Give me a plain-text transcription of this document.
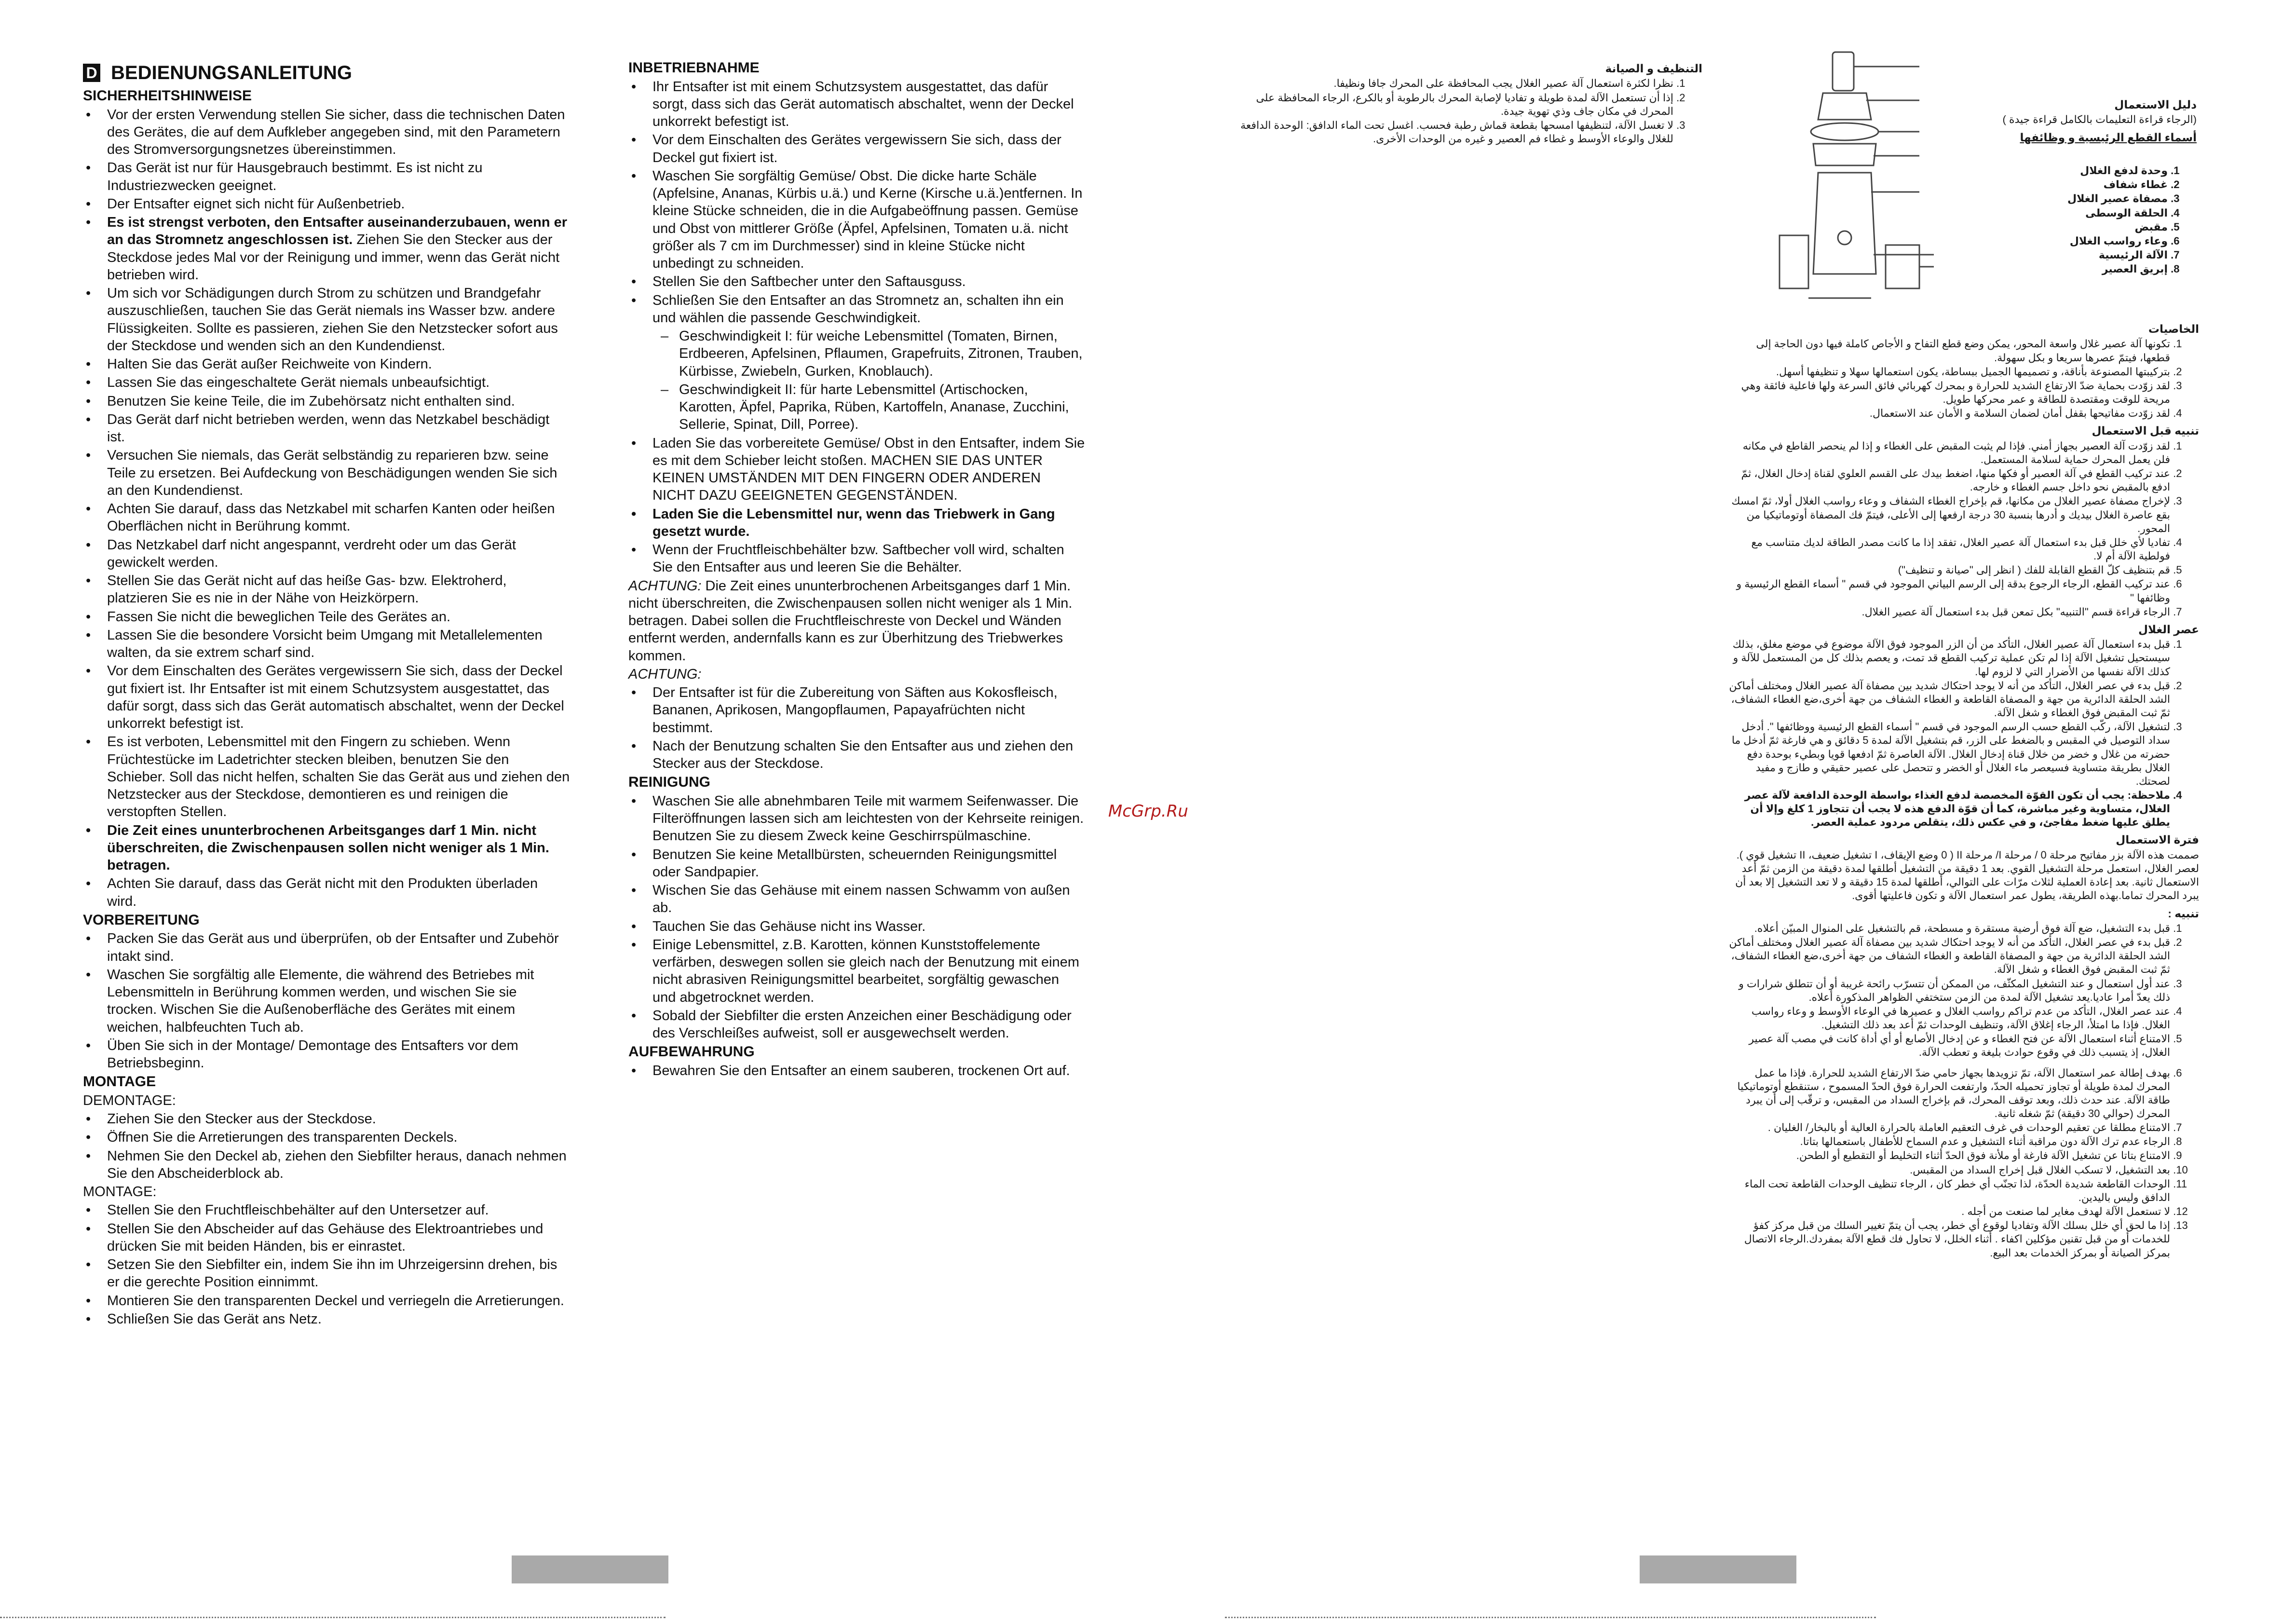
D BEDIENUNGSANLEITUNG
SICHERHEITSHINWEISE
• Vor der ersten Verwendung stellen Sie sicher, dass die technischen Daten des Gerätes, die auf dem Aufkleber angegeben sind, mit den Parametern des Stromversorgungsnetzes übereinstimmen.
• Das Gerät ist nur für Hausgebrauch bestimmt. Es ist nicht zu Industriezwecken geeignet.
• Der Entsafter eignet sich nicht für Außenbetrieb.
• Es ist strengst verboten, den Entsafter auseinanderzubauen, wenn er an das Stromnetz angeschlossen ist. Ziehen Sie den Stecker aus der Steckdose jedes Mal vor der Reinigung und immer, wenn das Gerät nicht betrieben wird.
• Um sich vor Schädigungen durch Strom zu schützen und Brandgefahr auszuschließen, tauchen Sie das Gerät niemals ins Wasser bzw. andere Flüssigkeiten. Sollte es passieren, ziehen Sie den Netzstecker sofort aus der Steckdose und wenden sich an den Kundendienst.
• Halten Sie das Gerät außer Reichweite von Kindern.
• Lassen Sie das eingeschaltete Gerät niemals unbeaufsichtigt.
• Benutzen Sie keine Teile, die im Zubehörsatz nicht enthalten sind.
• Das Gerät darf nicht betrieben werden, wenn das Netzkabel beschädigt ist.
• Versuchen Sie niemals, das Gerät selbständig zu reparieren bzw. seine Teile zu ersetzen. Bei Aufdeckung von Beschädigungen wenden Sie sich an den Kundendienst.
• Achten Sie darauf, dass das Netzkabel mit scharfen Kanten oder heißen Oberflächen nicht in Berührung kommt.
• Das Netzkabel darf nicht angespannt, verdreht oder um das Gerät gewickelt werden.
• Stellen Sie das Gerät nicht auf das heiße Gas- bzw. Elektroherd, platzieren Sie es nie in der Nähe von Heizkörpern.
• Fassen Sie nicht die beweglichen Teile des Gerätes an.
• Lassen Sie die besondere Vorsicht beim Umgang mit Metallelementen walten, da sie extrem scharf sind.
• Vor dem Einschalten des Gerätes vergewissern Sie sich, dass der Deckel gut fixiert ist. Ihr Entsafter ist mit einem Schutzsystem ausgestattet, das dafür sorgt, dass sich das Gerät automatisch abschaltet, wenn der Deckel unkorrekt befestigt ist.
• Es ist verboten, Lebensmittel mit den Fingern zu schieben. Wenn Früchtestücke im Ladetrichter stecken bleiben, benutzen Sie den Schieber. Soll das nicht helfen, schalten Sie das Gerät aus und ziehen den Netzstecker aus der Steckdose, demontieren es und reinigen die verstopften Stellen.
• Die Zeit eines ununterbrochenen Arbeitsganges darf 1 Min. nicht überschreiten, die Zwischenpausen sollen nicht weniger als 1 Min. betragen.
• Achten Sie darauf, dass das Gerät nicht mit den Produkten überladen wird.
VORBEREITUNG
• Packen Sie das Gerät aus und überprüfen, ob der Entsafter und Zubehör intakt sind.
• Waschen Sie sorgfältig alle Elemente, die während des Betriebes mit Lebensmitteln in Berührung kommen werden, und wischen Sie sie trocken. Wischen Sie die Außenoberfläche des Gerätes mit einem weichen, halbfeuchten Tuch ab.
• Üben Sie sich in der Montage/ Demontage des Entsafters vor dem Betriebsbeginn.
MONTAGE
DEMONTAGE:
• Ziehen Sie den Stecker aus der Steckdose.
• Öffnen Sie die Arretierungen des transparenten Deckels.
• Nehmen Sie den Deckel ab, ziehen den Siebfilter heraus, danach nehmen Sie den Abscheiderblock ab.
MONTAGE:
• Stellen Sie den Fruchtfleischbehälter auf den Untersetzer auf.
• Stellen Sie den Abscheider auf das Gehäuse des Elektroantriebes und drücken Sie mit beiden Händen, bis er einrastet.
• Setzen Sie den Siebfilter ein, indem Sie ihn im Uhrzeigersinn drehen, bis er die gerechte Position einnimmt.
• Montieren Sie den transparenten Deckel und verriegeln die Arretierungen.
• Schließen Sie das Gerät ans Netz.
INBETRIEBNAHME
• Ihr Entsafter ist mit einem Schutzsystem ausgestattet, das dafür sorgt, dass sich das Gerät automatisch abschaltet, wenn der Deckel unkorrekt befestigt ist.
• Vor dem Einschalten des Gerätes vergewissern Sie sich, dass der Deckel gut fixiert ist.
• Waschen Sie sorgfältig Gemüse/ Obst. Die dicke harte Schäle (Apfelsine, Ananas, Kürbis u.ä.) und Kerne (Kirsche u.ä.)entfernen. In kleine Stücke schneiden, die in die Aufgabeöffnung passen. Gemüse und Obst von mittlerer Größe (Äpfel, Apfelsinen, Tomaten u.ä. nicht größer als 7 cm im Durchmesser) sind in kleine Stücke nicht unbedingt zu schneiden.
• Stellen Sie den Saftbecher unter den Saftausguss.
• Schließen Sie den Entsafter an das Stromnetz an, schalten ihn ein und wählen die passende Geschwindigkeit.
– Geschwindigkeit I: für weiche Lebensmittel (Tomaten, Birnen, Erdbeeren, Apfelsinen, Pflaumen, Grapefruits, Zitronen, Trauben, Kürbisse, Zwiebeln, Gurken, Knoblauch).
– Geschwindigkeit II: für harte Lebensmittel (Artischocken, Karotten, Äpfel, Paprika, Rüben, Kartoffeln, Ananase, Zucchini, Sellerie, Spinat, Dill, Porree).
• Laden Sie das vorbereitete Gemüse/ Obst in den Entsafter, indem Sie es mit dem Schieber leicht stoßen. MACHEN SIE DAS UNTER KEINEN UMSTÄNDEN MIT DEN FINGERN ODER ANDEREN NICHT DAZU GEEIGNETEN GEGENSTÄNDEN.
• Laden Sie die Lebensmittel nur, wenn das Triebwerk in Gang gesetzt wurde.
• Wenn der Fruchtfleischbehälter bzw. Saftbecher voll wird, schalten Sie den Entsafter aus und leeren Sie die Behälter.
ACHTUNG: Die Zeit eines ununterbrochenen Arbeitsganges darf 1 Min. nicht überschreiten, die Zwischenpausen sollen nicht weniger als 1 Min. betragen. Dabei sollen die Fruchtfleischreste von Deckel und Wänden entfernt werden, andernfalls kann es zur Überhitzung des Triebwerkes kommen.
ACHTUNG:
• Der Entsafter ist für die Zubereitung von Säften aus Kokosfleisch, Bananen, Aprikosen, Mangopflaumen, Papayafrüchten nicht bestimmt.
• Nach der Benutzung schalten Sie den Entsafter aus und ziehen den Stecker aus der Steckdose.
REINIGUNG
• Waschen Sie alle abnehmbaren Teile mit warmem Seifenwasser. Die Filteröffnungen lassen sich am leichtesten von der Kehrseite reinigen. Benutzen Sie zu diesem Zweck keine Geschirrspülmaschine.
• Benutzen Sie keine Metallbürsten, scheuernden Reinigungsmittel oder Sandpapier.
• Wischen Sie das Gehäuse mit einem nassen Schwamm von außen ab.
• Tauchen Sie das Gehäuse nicht ins Wasser.
• Einige Lebensmittel, z.B. Karotten, können Kunststoffelemente verfärben, deswegen sollen sie gleich nach der Benutzung mit einem nicht abrasiven Reinigungsmittel bearbeitet, sorgfältig gewaschen und abgetrocknet werden.
• Sobald der Siebfilter die ersten Anzeichen einer Beschädigung oder des Verschleißes aufweist, soll er ausgewechselt werden.
AUFBEWAHRUNG
• Bewahren Sie den Entsafter an einem sauberen, trockenen Ort auf.
McGrp.Ru
التنظيف و الصيانة
1. نظرا لكثرة استعمال آلة عصير الغلال يجب المحافظة على المحرك جافا ونظيفا.
2. إذا أن تستعمل الآلة لمدة طويلة و تفاديا لإصابة المحرك بالرطوبة أو بالكرع، الرجاء المحافظة على المحرك في مكان جاف وذي تهوية جيدة.
3. لا تغسل الآلة، لتنظيفها امسحها بقطعة قماش رطبة فحسب. اغسل تحت الماء الدافق: الوحدة الدافعة للغلال والوعاء الأوسط و غطاء فم العصير و غيره من الوحدات الأخرى.
دليل الاستعمال
(الرجاء قراءة التعليمات بالكامل قراءة جيدة )
أسماء القطع الرئيسية و وظائفها
1. وحدة لدفع الغلال
2. غطاء شفاف
3. مصفاة عصير الغلال
4. الحلقة الوسطى
5. مقبض
6. وعاء رواسب الغلال
7. الآلة الرئيسية
8. إبريق العصير
الخاصيات
1. تكونها آلة عصير غلال واسعة المحور، يمكن وضع قطع التفاح و الأجاص كاملة فيها دون الحاجة إلى قطعها، فيتمّ عصرها سريعا و بكل سهولة.
2. بتركيبتها المصنوعة بأناقة، و تصميمها الجميل ببساطة، يكون استعمالها سهلا و تنظيفها أسهل.
3. لقد زوّدت بحماية ضدّ الارتفاع الشديد للحرارة و بمحرك كهربائي فائق السرعة ولها فاعلية فائقة وهي مريحة للوقت ومقتصدة للطاقة و عمر محركها طويل.
4. لقد زوّدت مفاتيحها بقفل أمان لضمان السلامة و الأمان عند الاستعمال.
تنبيه قبل الاستعمال
1. لقد زوّدت آلة العصير بجهاز أمني. فإذا لم يثبت المقبض على الغطاء و إذا لم ينحصر القاطع في مكانه فلن يعمل المحرك حماية لسلامة المستعمل.
2. عند تركيب القطع في آلة العصير أو فكها منها، اضغط بيدك على القسم العلوي لقناة إدخال الغلال، ثمّ ادفع بالمقبض نحو داخل جسم الغطاء و خارجه.
3. لإخراج مصفاة عصير الغلال من مكانها، قم بإخراج الغطاء الشفاف و وعاء رواسب الغلال أولا، ثمّ امسك بقع عاصرة الغلال بيديك و أدرها بنسبة 30 درجة ارفعها إلى الأعلى، فيتمّ فك المصفاة أوتوماتيكيا من المحور.
4. تفاديا لأي خلل قبل بدء استعمال آلة عصير الغلال، تفقد إذا ما كانت مصدر الطاقة لديك متناسب مع فولطية الآلة أم لا.
5. قم بتنظيف كلّ القطع القابلة للفك ( انظر إلى "صيانة و تنظيف")
6. عند تركيب القطع، الرجاء الرجوع بدقة إلى الرسم البياني الموجود في قسم " أسماء القطع الرئيسية و وظائفها "
7. الرجاء قراءة قسم "التنبيه" بكل تمعن قبل بدء استعمال آلة عصير الغلال.
عصر الغلال
1. قبل بدء استعمال آلة عصير الغلال، التأكد من أن الزر الموجود فوق الآلة موضوع في موضع مغلق، بذلك سيستحيل تشغيل الآلة إذا لم تكن عملية تركيب القطع قد تمت، و يعصم بذلك كل من المستعمل للآلة و كذلك الآلة نفسها من الأضرار التي لا لزوم لها.
2. قبل بدء في عصر الغلال، التأكد من أنه لا يوجد احتكاك شديد بين مصفاة آلة عصير الغلال ومختلف أماكن الشد الحلقة الدائرية من جهة و المصفاة القاطعة و الغطاء الشفاف من جهة أخرى،ضع الغطاء الشفاف، ثمّ ثبت المقبض فوق الغطاء و شغل الآلة.
3. لتشغيل الآلة، ركّب القطع حسب الرسم الموجود في قسم " أسماء القطع الرئيسية ووظائفها ". أدخل سداد التوصيل في المقبس و بالضغط على الزر، قم بتشغيل الآلة لمدة 5 دقائق و هي فارغة ثمّ أدخل ما حضرته من غلال و خضر من خلال قناة إدخال الغلال. الآلة العاصرة ثمّ ادفعها قويا وبطيء بوحدة دفع الغلال بطريقة متساوية فسيعصر ماء الغلال أو الخضر و تتحصل على عصير حقيقي و طازج و مفيد لصحتك.
4. ملاحظة: يجب أن تكون القوّة المخصصة لدفع الغذاء بواسطة الوحدة الدافعة لآلة عصر الغلال، متساوية وغير مباشرة، كما أن قوّة الدفع هذه لا يجب أن تتجاوز 1 كلغ وإلا أن يطلق عليها ضغط مفاجئ، و في عكس ذلك، يتقلص مردود عملية العصر.
فترة الاستعمال
صممت هذه الآلة بزر مفاتيح مرحلة 0 / مرحلة I/ مرحلة II ( 0 وضع الإيقاف، I تشغيل ضعيف، II تشغيل قوي ). لعصر الغلال، استعمل مرحلة التشغيل القوي. بعد 1 دقيقة من التشغيل أطلقها لمدة دقيقة من الزمن ثمّ أعد الاستعمال ثانية. بعد إعادة العملية لثلاث مرّات على التوالي، أطلقها لمدة 15 دقيقة و لا تعد التشغيل إلا بعد أن يبرد المحرك تماما.بهذه الطريقة، يطول عمر استعمال الآلة و تكون فاعليتها أقوى.
تنبيه :
1. قبل بدء التشغيل، ضع آلة فوق أرضية مستقرة و مسطحة، قم بالتشغيل على المنوال المبيّن أعلاه.
2. قبل بدء في عصر الغلال، التأكد من أنه لا يوجد احتكاك شديد بين مصفاة آلة عصير الغلال ومختلف أماكن الشد الحلقة الدائرية من جهة و المصفاة القاطعة و الغطاء الشفاف من جهة أخرى،ضع الغطاء الشفاف، ثمّ ثبت المقبض فوق الغطاء و شغل الآلة.
3. عند أول استعمال و عند التشغيل المكثّف، من الممكن أن تتسرّب رائحة غريبة أو أن تتطلق شرارات و ذلك يعدّ أمرا عاديا.يعد تشغيل الآلة لمدة من الزمن ستختفي الظواهر المذكورة أعلاه.
4. عند عصر الغلال، التأكد من عدم تراكم رواسب الغلال و عصيرها في الوعاء الأوسط و وعاء رواسب الغلال. فإذا ما امتلأ، الرجاء إغلاق الآلة، وتنظيف الوحدات ثمّ أعد بعد ذلك التشغيل.
5. الامتناع أثناء استعمال الآلة عن فتح الغطاء و عن إدخال الأصابع أو أي أداة كانت في مصب آلة عصير الغلال، إذ يتسبب ذلك في وقوع حوادث بليغة و تعطب الآلة.
6. بهدف إطالة عمر استعمال الآلة، تمّ تزويدها بجهاز حامي ضدّ الارتفاع الشديد للحرارة. فإذا ما عمل المحرك لمدة طويلة أو تجاوز تحميله الحدّ، وارتفعت الحرارة فوق الحدّ المسموح ، ستنقطع أوتوماتيكيا طاقة الآلة. عند حدث ذلك، وبعد توقف المحرك، قم بإخراج السداد من المقبس، و ترقّب إلى أن يبرد المحرك (حوالي 30 دقيقة) ثمّ شغله ثانية.
7. الامتناع مطلقا عن تعقيم الوحدات في غرف التعقيم العاملة بالحرارة العالية أو بالبخار/ الغليان .
8. الرجاء عدم ترك الآلة دون مراقبة أثناء التشغيل و عدم السماح للأطفال باستعمالها بتاتا.
9. الامتناع بتاتا عن تشغيل الآلة فارغة أو ملأنة فوق الحدّ أثناء التخليط أو التقطيع أو الطحن.
10. بعد التشغيل، لا تسكب الغلال قبل إخراج السداد من المقبس.
11. الوحدات القاطعة شديدة الحدّة، لذا تجنّب أي خطر كان ، الرجاء تنظيف الوحدات القاطعة تحت الماء الدافق وليس باليدين.
12. لا تستعمل الآلة لهدف مغاير لما صنعت من أجله .
13. إذا ما لحق أي خلل بسلك الآلة وتفاديا لوقوع أي خطر، يجب أن يتمّ تغيير السلك من قبل مركز كفؤ للخدمات أو من قبل تقنين مؤكلين اكفاء . أثناء الخلل، لا تحاول فك قطع الآلة بمفردك.الرجاء الاتصال بمركز الصيانة أو بمركز الخدمات بعد البيع.
